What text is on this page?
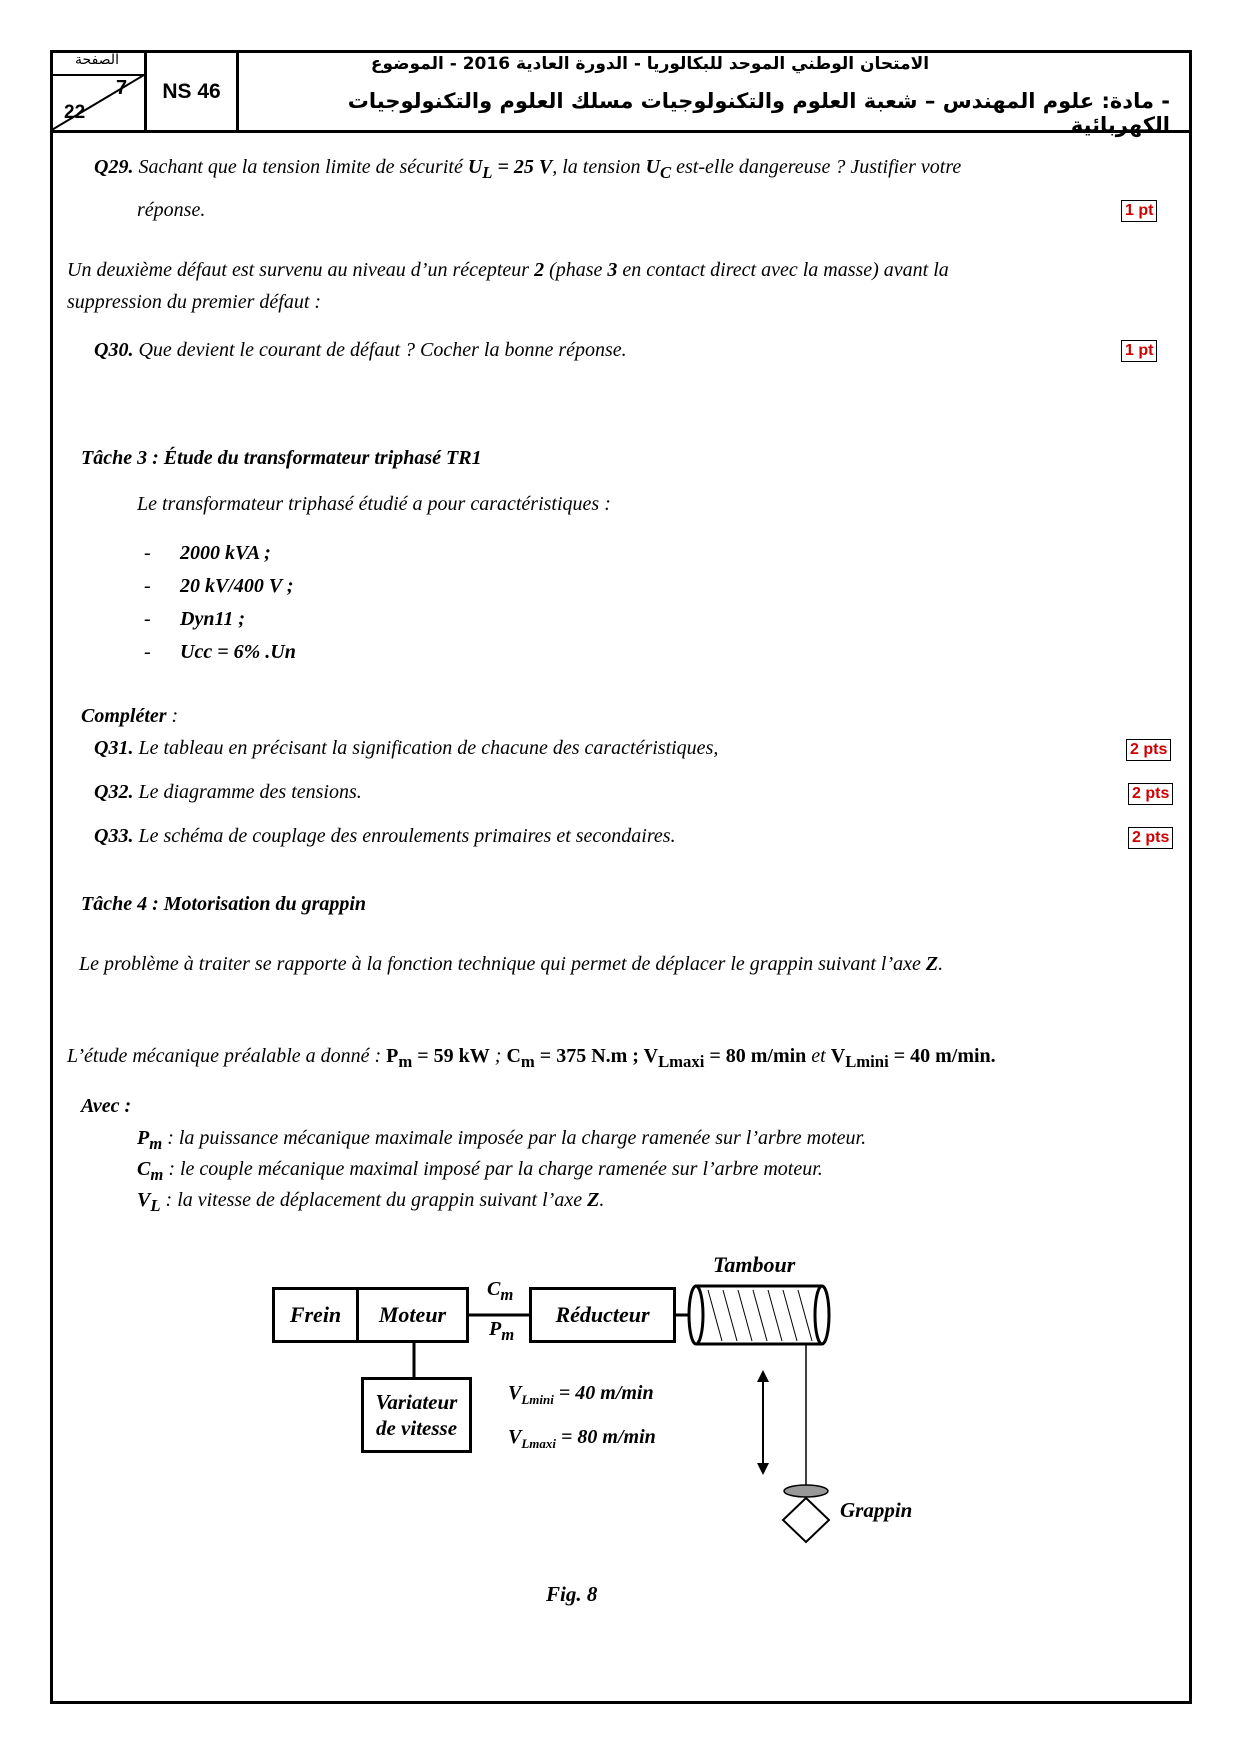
الصفحة
7
22
NS 46
الامتحان الوطني الموحد للبكالوريا - الدورة العادية 2016 - الموضوع
- مادة: علوم المهندس – شعبة العلوم والتكنولوجيات مسلك العلوم والتكنولوجيات الكهربائية
Q29. Sachant que la tension limite de sécurité $U_L = 25$ V, la tension $U_C$ est-elle dangereuse ? Justifier votre
réponse.	1 pt
Un deuxième défaut est survenu au niveau d’un récepteur 2 (phase 3 en contact direct avec la masse) avant la
suppression du premier défaut :
Q30. Que devient le courant de défaut ? Cocher la bonne réponse.	1 pt
Tâche 3 : Étude du transformateur triphasé TR1
Le transformateur triphasé étudié a pour caractéristiques :
- 2000 kVA ;
- 20 kV/400 V ;
- Dyn11 ;
- Ucc = 6% .Un
Compléter :
Q31. Le tableau en précisant la signification de chacune des caractéristiques,	2 pts
Q32. Le diagramme des tensions.	2 pts
Q33. Le schéma de couplage des enroulements primaires et secondaires.	2 pts
Tâche 4 : Motorisation du grappin
Le problème à traiter se rapporte à la fonction technique qui permet de déplacer le grappin suivant l’axe Z.
L’étude mécanique préalable a donné : $P_m = 59$ kW ; $C_m = 375$ N.m ; $V_{Lmaxi} = 80$ m/min et $V_{Lmini} = 40$ m/min.
Avec :
$P_m$ : la puissance mécanique maximale imposée par la charge ramenée sur l’arbre moteur.
$C_m$ : le couple mécanique maximal imposé par la charge ramenée sur l’arbre moteur.
$V_L$ : la vitesse de déplacement du grappin suivant l’axe Z.
Frein	Moteur	Réducteur
Variateur
de vitesse
Tambour
$C_m$
$P_m$
$V_{Lmini} = 40$ m/min
$V_{Lmaxi} = 80$ m/min
Grappin
Fig. 8
